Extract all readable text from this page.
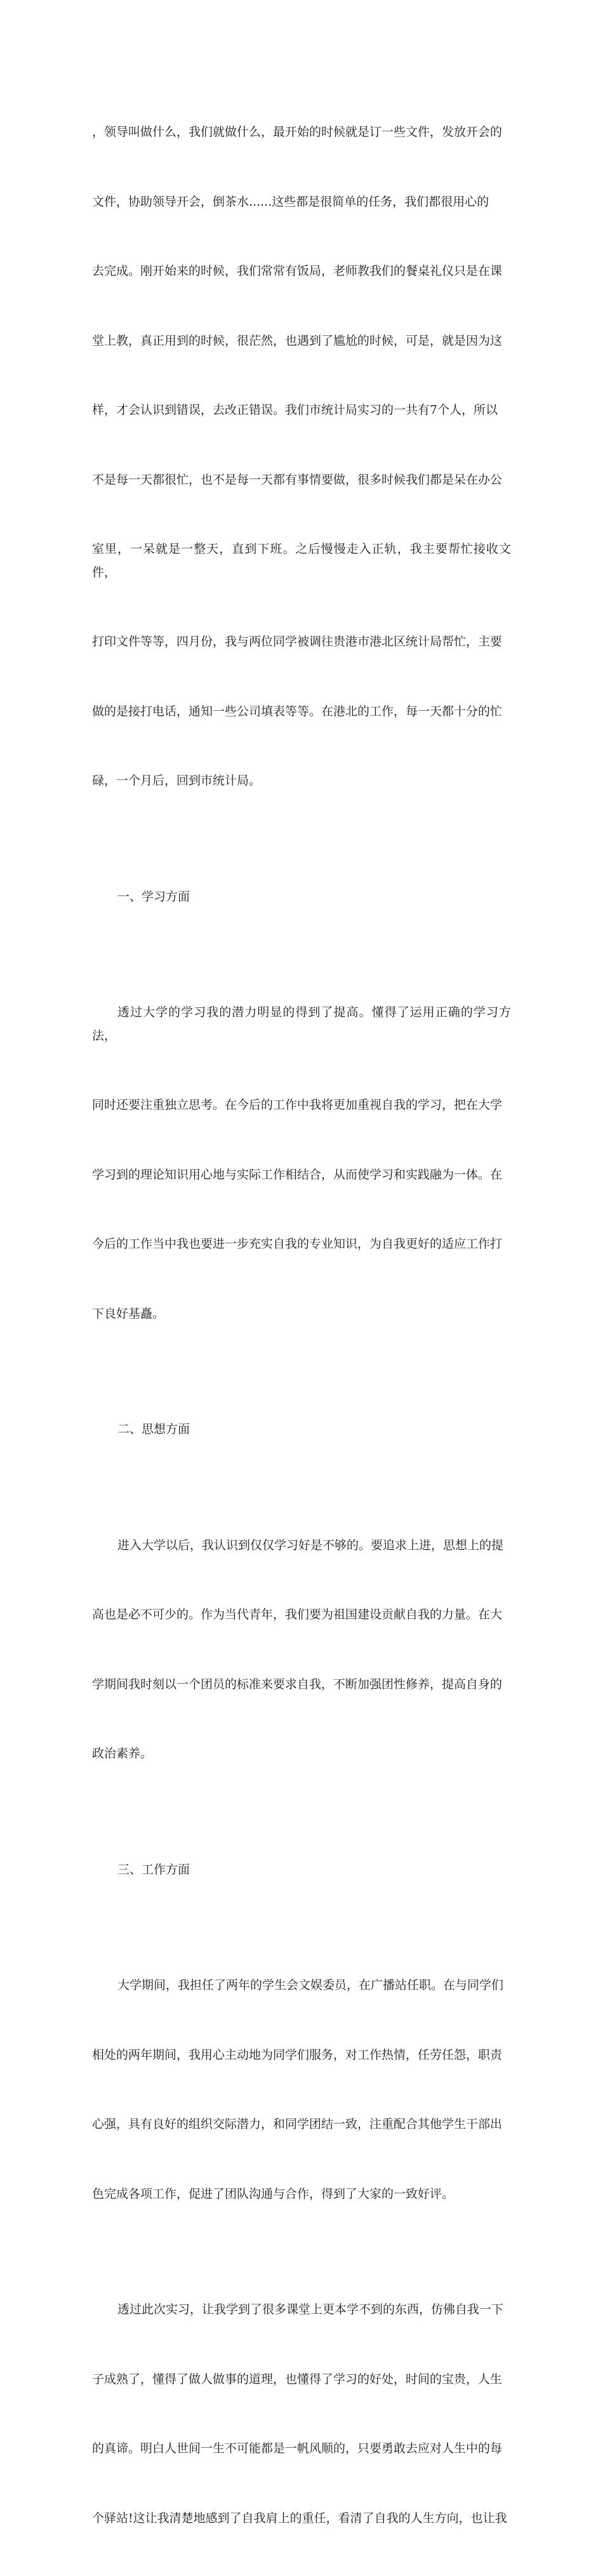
，领导叫做什么，我们就做什么，最开始的时候就是订一些文件，发放开会的

文件，协助领导开会，倒茶水......这些都是很简单的任务，我们都很用心的

去完成。刚开始来的时候，我们常常有饭局，老师教我们的餐桌礼仪只是在课

堂上教，真正用到的时候，很茫然，也遇到了尴尬的时候，可是，就是因为这

样，才会认识到错误，去改正错误。我们市统计局实习的一共有7个人，所以

不是每一天都很忙，也不是每一天都有事情要做，很多时候我们都是呆在办公

室里，一呆就是一整天，直到下班。之后慢慢走入正轨，我主要帮忙接收文件，

打印文件等等，四月份，我与两位同学被调往贵港市港北区统计局帮忙，主要

做的是接打电话，通知一些公司填表等等。在港北的工作，每一天都十分的忙

碌，一个月后，回到市统计局。

一、学习方面

透过大学的学习我的潜力明显的得到了提高。懂得了运用正确的学习方法，

同时还要注重独立思考。在今后的工作中我将更加重视自我的学习，把在大学

学习到的理论知识用心地与实际工作相结合，从而使学习和实践融为一体。在

今后的工作当中我也要进一步充实自我的专业知识，为自我更好的适应工作打

下良好基矗。

二、思想方面

进入大学以后，我认识到仅仅学习好是不够的。要追求上进，思想上的提

高也是必不可少的。作为当代青年，我们要为祖国建设贡献自我的力量。在大

学期间我时刻以一个团员的标准来要求自我，不断加强团性修养，提高自身的

政治素养。

三、工作方面

大学期间，我担任了两年的学生会文娱委员，在广播站任职。在与同学们

相处的两年期间，我用心主动地为同学们服务，对工作热情，任劳任怨，职责

心强，具有良好的组织交际潜力，和同学团结一致，注重配合其他学生干部出

色完成各项工作，促进了团队沟通与合作，得到了大家的一致好评。

透过此次实习，让我学到了很多课堂上更本学不到的东西，仿佛自我一下

子成熟了，懂得了做人做事的道理，也懂得了学习的好处，时间的宝贵，人生

的真谛。明白人世间一生不可能都是一帆风顺的，只要勇敢去应对人生中的每

个驿站!这让我清楚地感到了自我肩上的重任，看清了自我的人生方向，也让我
